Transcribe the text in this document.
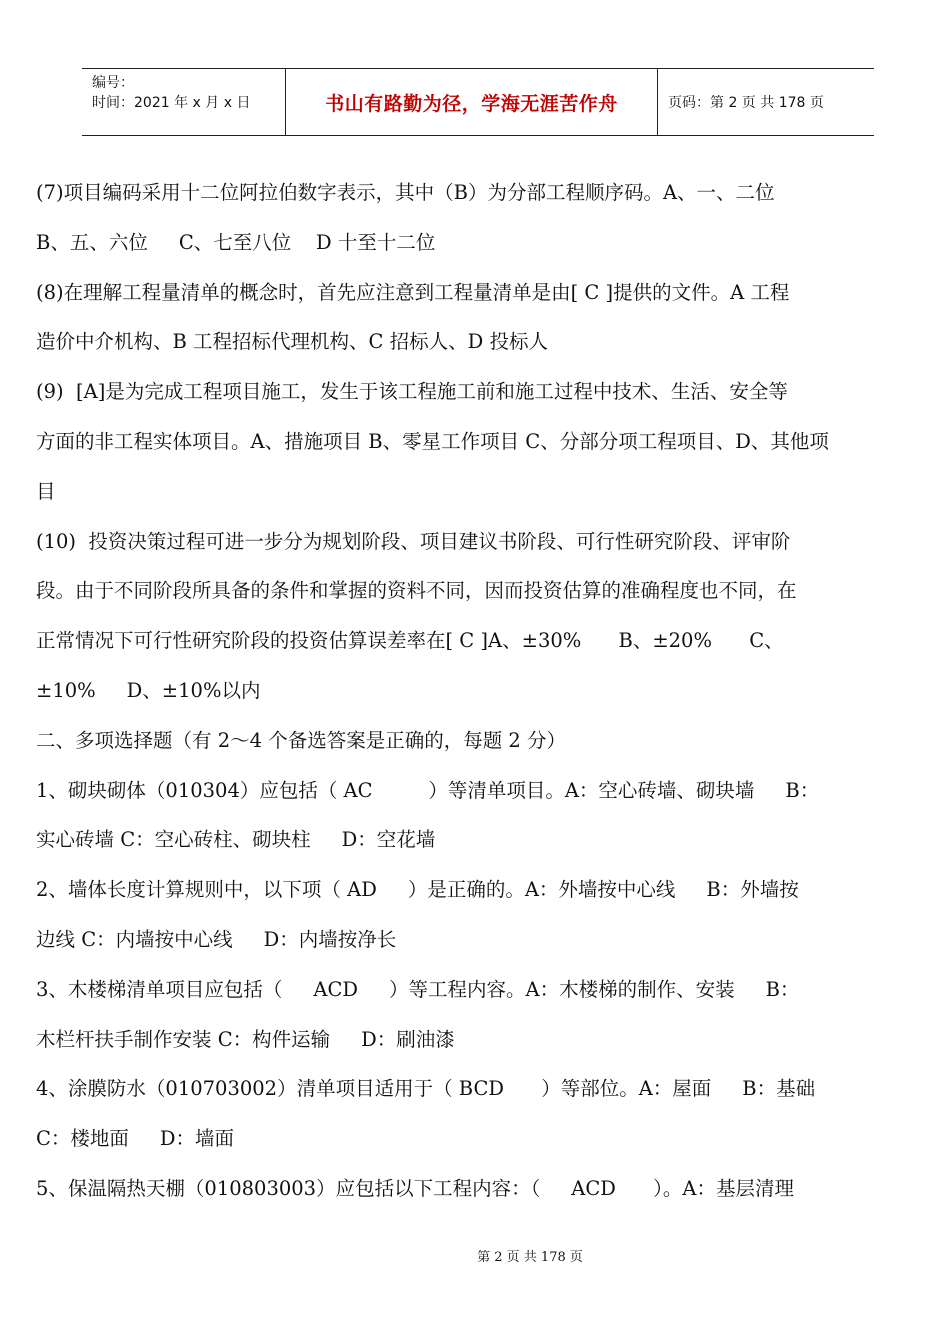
编号：
时间：2021 年 x 月 x 日	书山有路勤为径，学海无涯苦作舟	页码：第 2 页 共 178 页
(7)项目编码采用十二位阿拉伯数字表示，其中（B）为分部工程顺序码。A、一、二位
B、五、六位     C、七至八位    D 十至十二位
(8)在理解工程量清单的概念时，首先应注意到工程量清单是由[ C ]提供的文件。A 工程
造价中介机构、B 工程招标代理机构、C 招标人、D 投标人
(9)  [A]是为完成工程项目施工，发生于该工程施工前和施工过程中技术、生活、安全等
方面的非工程实体项目。A、措施项目 B、零星工作项目 C、分部分项工程项目、D、其他项
目
(10)  投资决策过程可进一步分为规划阶段、项目建议书阶段、可行性研究阶段、评审阶
段。由于不同阶段所具备的条件和掌握的资料不同，因而投资估算的准确程度也不同，在
正常情况下可行性研究阶段的投资估算误差率在[ C ]A、±30%      B、±20%      C、
±10%     D、±10%以内
二、多项选择题（有 2～4 个备选答案是正确的，每题 2 分）
1、砌块砌体（010304）应包括（ AC         ）等清单项目。A：空心砖墙、砌块墙     B：
实心砖墙 C：空心砖柱、砌块柱     D：空花墙
2、墙体长度计算规则中，以下项（ AD     ）是正确的。A：外墙按中心线     B：外墙按
边线 C：内墙按中心线     D：内墙按净长
3、木楼梯清单项目应包括（     ACD     ）等工程内容。A：木楼梯的制作、安装     B：
木栏杆扶手制作安装 C：构件运输     D：刷油漆
4、涂膜防水（010703002）清单项目适用于（ BCD      ）等部位。A：屋面     B：基础
C：楼地面     D：墙面
5、保温隔热天棚（010803003）应包括以下工程内容：（     ACD      ）。A：基层清理
第 2 页 共 178 页
